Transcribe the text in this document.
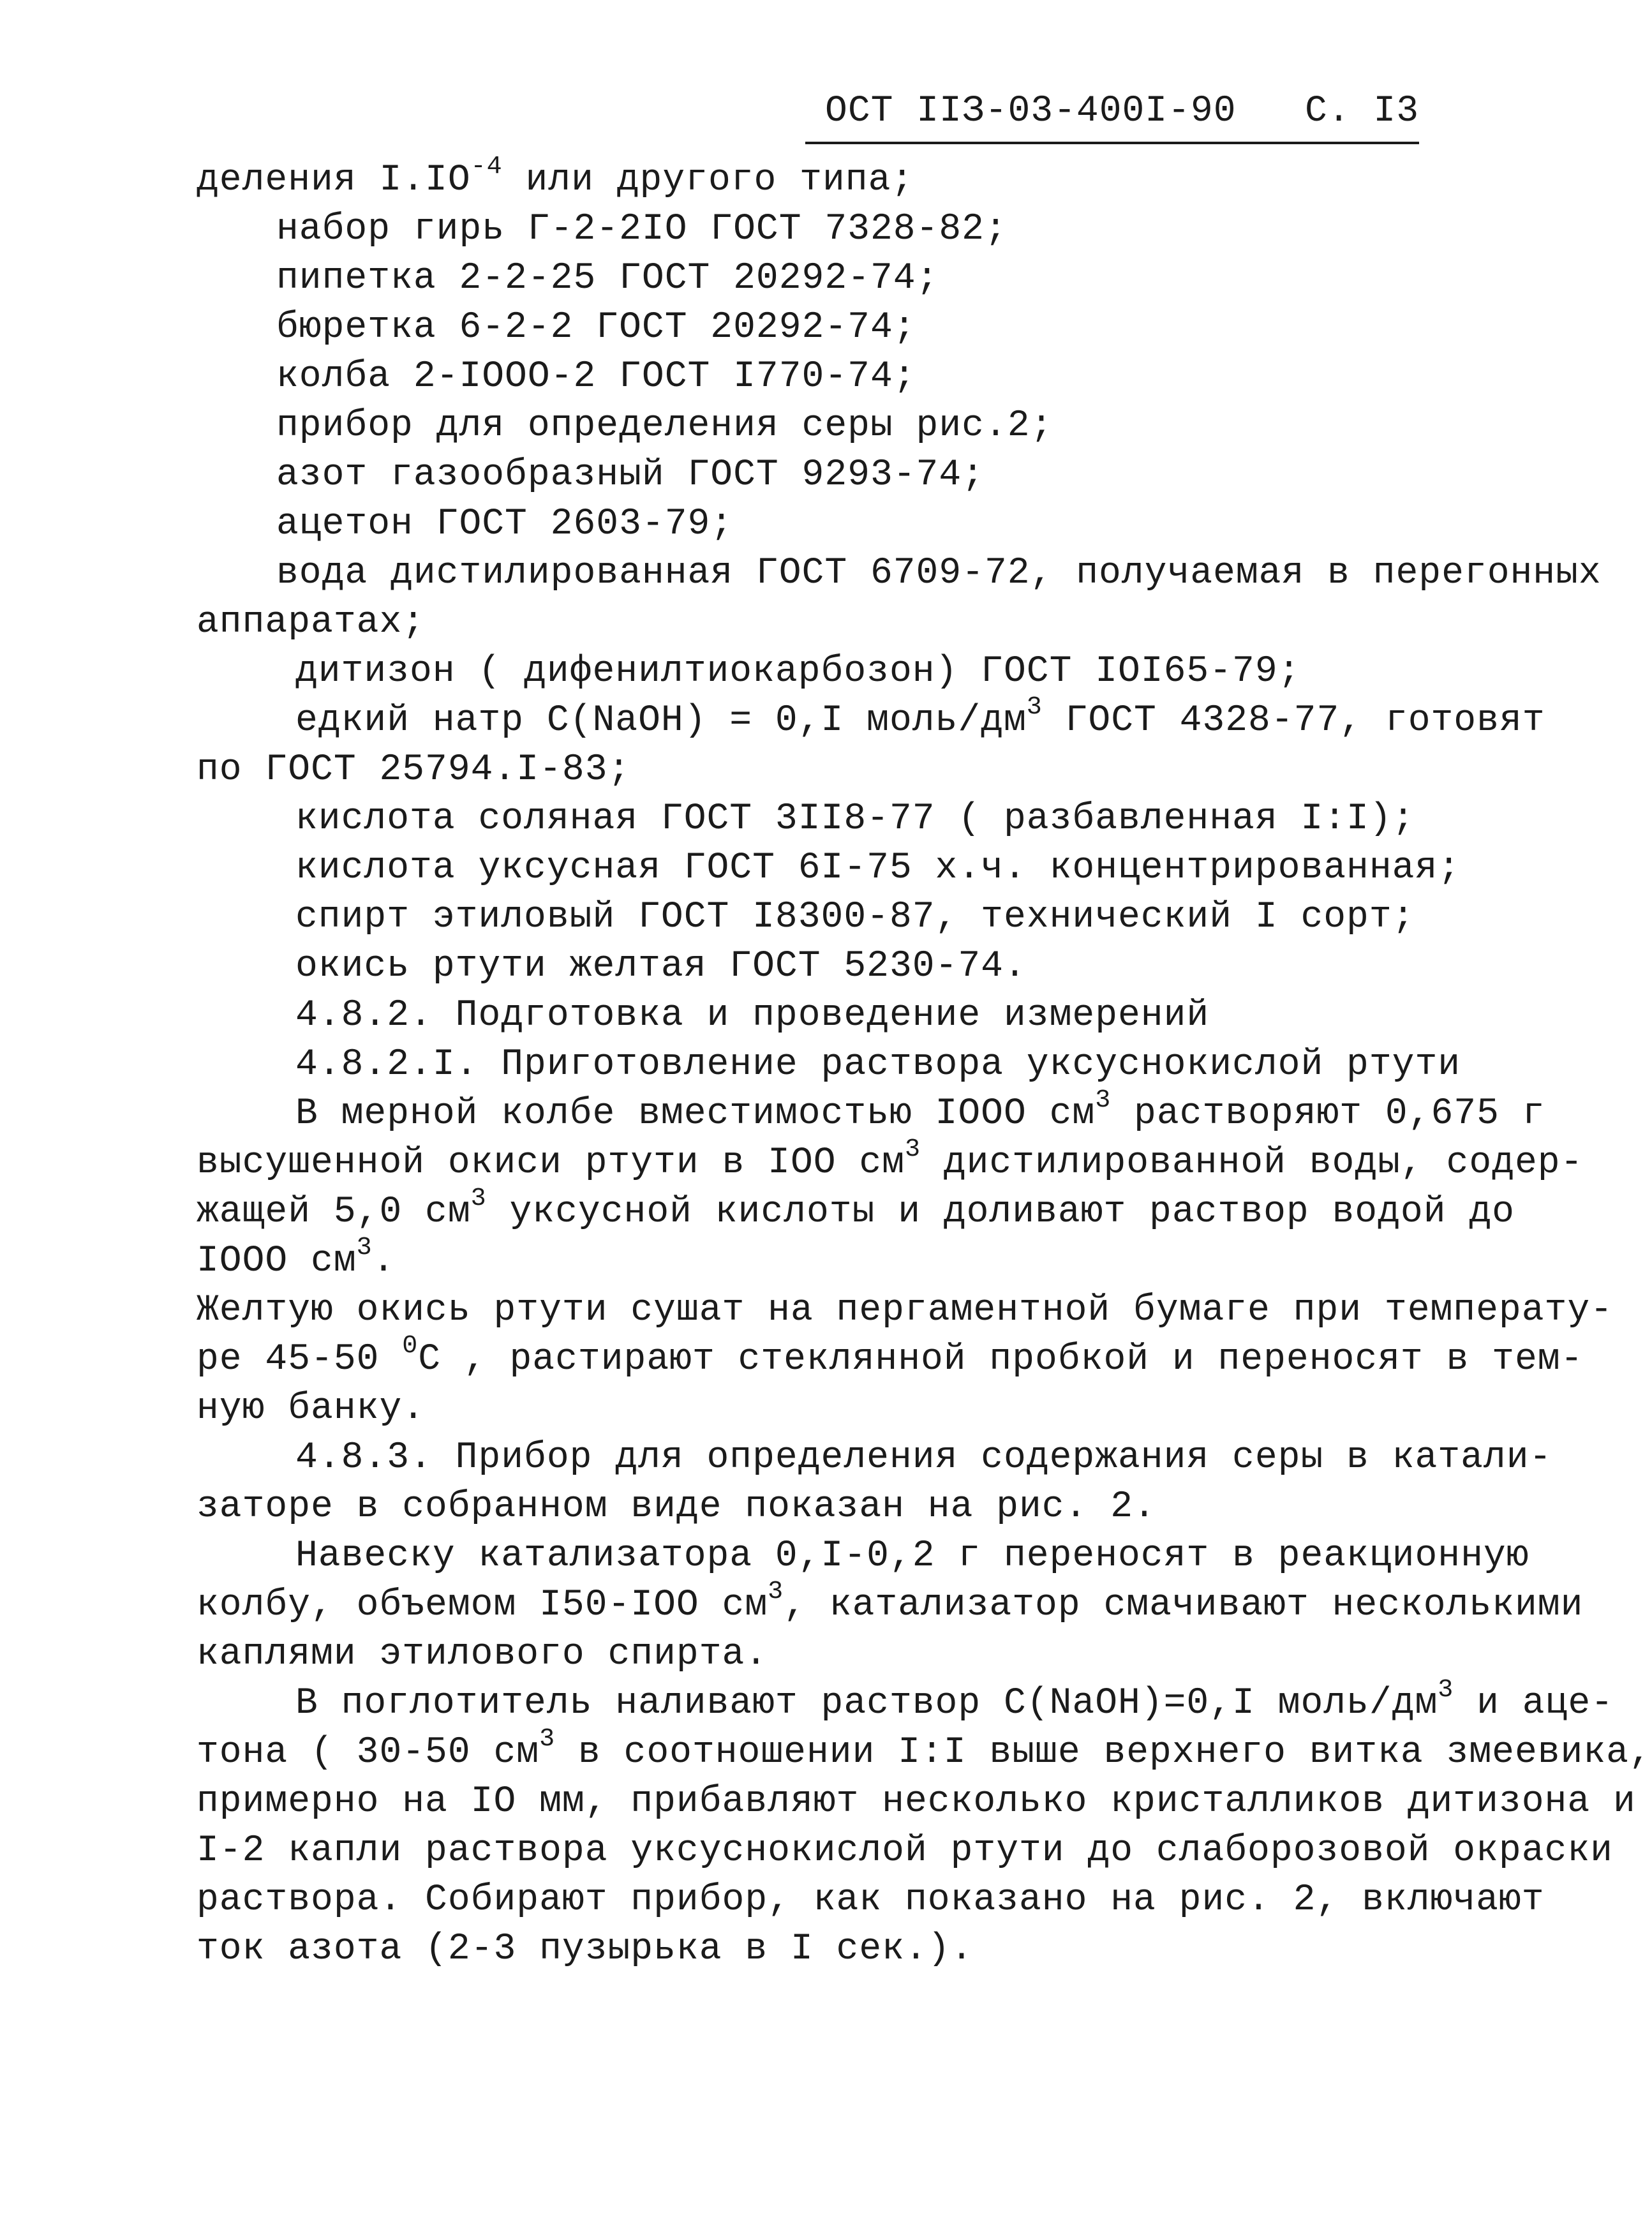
ОСТ IIЗ-03-400I-90 С. I3
деления $I.IO^{-4}$ или другого типа;
набор гирь Г-2-2IO ГОСТ 7328-82;
пипетка 2-2-25 ГОСТ 20292-74;
бюретка 6-2-2 ГОСТ 20292-74;
колба 2-IOOO-2 ГОСТ I770-74;
прибор для определения серы рис.2;
азот газообразный ГОСТ 9293-74;
ацетон ГОСТ 2603-79;
вода дистилированная ГОСТ 6709-72, получаемая в перегонных
аппаратах;
дитизон ( дифенилтиокарбозон) ГОСТ IOI65-79;
едкий натр С(NaOH) = 0,I моль/$дм^3$ ГОСТ 4328-77, готовят
по ГОСТ 25794.I-83;
кислота соляная ГОСТ 3II8-77 ( разбавленная I:I);
кислота уксусная ГОСТ 6I-75 х.ч. концентрированная;
спирт этиловый ГОСТ I8300-87, технический I сорт;
окись ртути желтая ГОСТ 5230-74.
4.8.2. Подготовка и проведение измерений
4.8.2.I. Приготовление раствора уксуснокислой ртути
В мерной колбе вместимостью IOOO $см^3$ растворяют 0,675 г
высушенной окиси ртути в IOO $см^3$ дистилированной воды, содер-
жащей 5,0 $см^3$ уксусной кислоты и доливают раствор водой до
IOOO $см^3$.
Желтую окись ртути сушат на пергаментной бумаге при температу-
ре 45-50 $^0$С , растирают стеклянной пробкой и переносят в тем-
ную банку.
4.8.3. Прибор для определения содержания серы в катали-
заторе в собранном виде показан на рис. 2.
Навеску катализатора 0,I-0,2 г переносят в реакционную
колбу, объемом I50-IOO $см^3$, катализатор смачивают несколькими
каплями этилового спирта.
В поглотитель наливают раствор С(NaOH)=0,I моль/$дм^3$ и аце-
тона ( 30-50 $см^3$ в соотношении I:I выше верхнего витка змеевика,
примерно на IO мм, прибавляют несколько кристалликов дитизона и
I-2 капли раствора уксуснокислой ртути до слаборозовой окраски
раствора. Собирают прибор, как показано на рис. 2, включают
ток азота (2-3 пузырька в I сек.).
